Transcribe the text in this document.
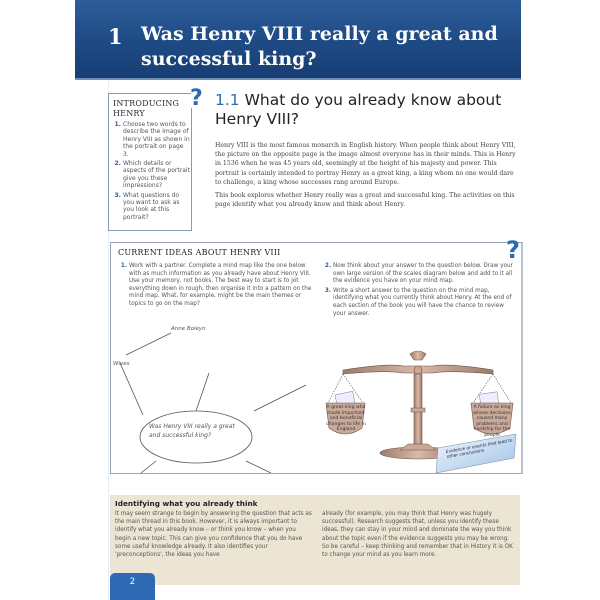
1 Was Henry VIII really a great and successful king?
INTRODUCING
HENRY
1. Choose two words to describe the image of Henry VIII as shown in the portrait on page 3.
2. Which details or aspects of the portrait give you these impressions?
3. What questions do you want to ask as you look at this portrait?
? 1.1 What do you already know about Henry VIII?

Henry VIII is the most famous monarch in English history. When people think about Henry VIII, the picture on the opposite page is the image almost everyone has in their minds. This is Henry in 1536 when he was 45 years old, seemingly at the height of his majesty and power. This portrait is certainly intended to portray Henry as a great king, a king whom no one would dare to challenge, a king whose successes rang around Europe.

This book explores whether Henry really was a great and successful king. The activities on this page identify what you already know and think about Henry.

CURRENT IDEAS ABOUT HENRY VIII
1. Work with a partner. Complete a mind map like the one below with as much information as you already have about Henry VIII. Use your memory, not books. The best way to start is to jot everything down in rough, then organise it into a pattern on the mind map. What, for example, might be the main themes or topics to go on the map?
2. Now think about your answer to the question below. Draw your own large version of the scales diagram below and add to it all the evidence you have on your mind map.
3. Write a short answer to the question on the mind map, identifying what you currently think about Henry. At the end of each section of the book you will have the chance to review your answer.
Anne Boleyn
Wives
Was Henry VIII really a great and successful king?
A great king who made important and beneficial changes to life in England
A failure as king whose decisions caused many problems and hardship for the people
Evidence or events that lead to other conclusions
?
Identifying what you already think
It may seem strange to begin by answering the question that acts as the main thread in this book. However, it is always important to identify what you already know – or think you know – when you begin a new topic. This can give you confidence that you do have some useful knowledge already. It also identifies your 'preconceptions', the ideas you have
already (for example, you may think that Henry was hugely successful). Research suggests that, unless you identify these ideas, they can stay in your mind and dominate the way you think about the topic even if the evidence suggests you may be wrong. So be careful – keep thinking and remember that in History it is OK to change your mind as you learn more.
2
